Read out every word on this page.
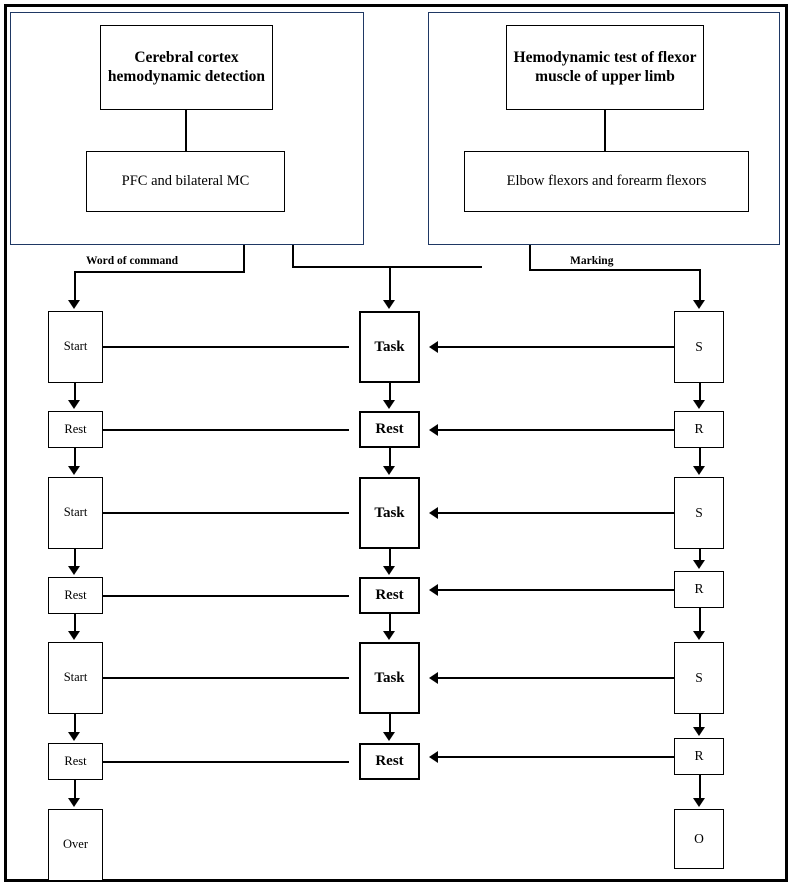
Cerebral cortex hemodynamic detection
Hemodynamic test of flexor muscle of upper limb
PFC and bilateral MC	Elbow flexors and forearm flexors
Word of command	Marking
Start
Rest
Start
Rest
Start
Rest
Over
Task
Rest
Task
Rest
Task
Rest
S
R
S
R
S
R
O
